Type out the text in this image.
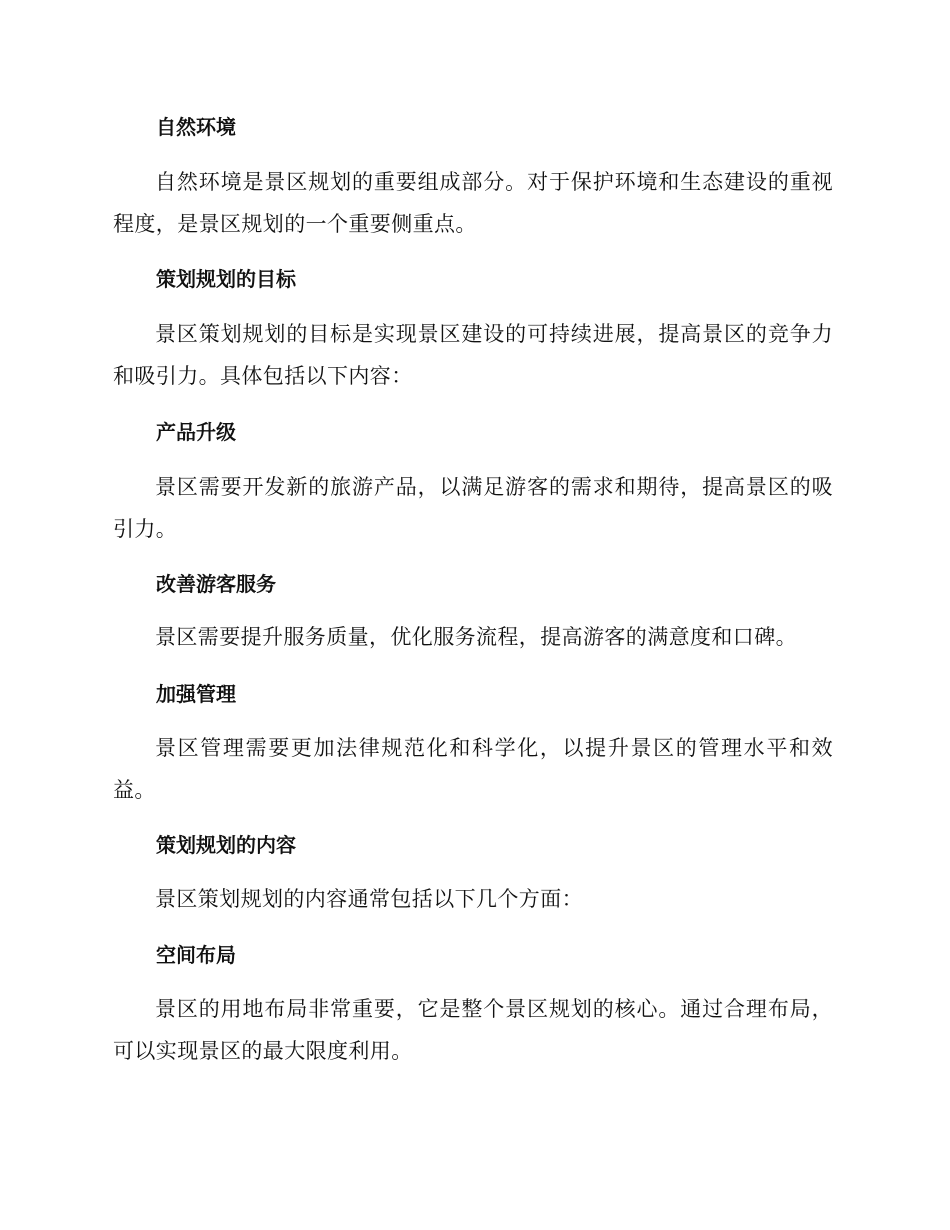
自然环境
自然环境是景区规划的重要组成部分。对于保护环境和生态建设的重视程度，是景区规划的一个重要侧重点。
策划规划的目标
景区策划规划的目标是实现景区建设的可持续进展，提高景区的竞争力和吸引力。具体包括以下内容：
产品升级
景区需要开发新的旅游产品，以满足游客的需求和期待，提高景区的吸引力。
改善游客服务
景区需要提升服务质量，优化服务流程，提高游客的满意度和口碑。
加强管理
景区管理需要更加法律规范化和科学化，以提升景区的管理水平和效益。
策划规划的内容
景区策划规划的内容通常包括以下几个方面：
空间布局
景区的用地布局非常重要，它是整个景区规划的核心。通过合理布局，可以实现景区的最大限度利用。
